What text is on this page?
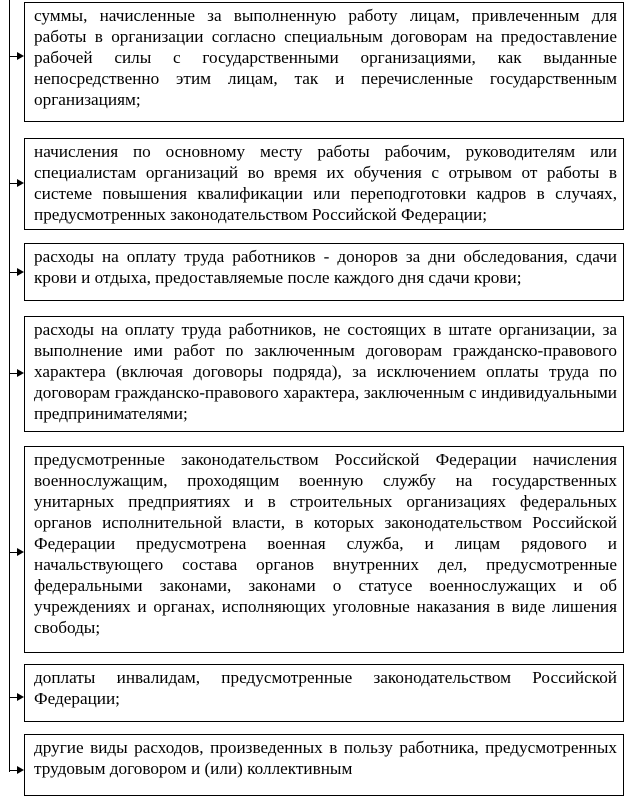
суммы, начисленные за выполненную работу лицам, привлеченным для работы в организации согласно специальным договорам на предоставление рабочей силы с государственными организациями, как выданные непосредственно этим лицам, так и перечисленные государственным организациям;
начисления по основному месту работы рабочим, руководителям или специалистам организаций во время их обучения с отрывом от работы в системе повышения квалификации или переподготовки кадров в случаях, предусмотренных законодательством Российской Федерации;
расходы на оплату труда работников - доноров за дни обследования, сдачи крови и отдыха, предоставляемые после каждого дня сдачи крови;
расходы на оплату труда работников, не состоящих в штате организации, за выполнение ими работ по заключенным договорам гражданско-правового характера (включая договоры подряда), за исключением оплаты труда по договорам гражданско-правового характера, заключенным с индивидуальными предпринимателями;
предусмотренные законодательством Российской Федерации начисления военнослужащим, проходящим военную службу на государственных унитарных предприятиях и в строительных организациях федеральных органов исполнительной власти, в которых законодательством Российской Федерации предусмотрена военная служба, и лицам рядового и начальствующего состава органов внутренних дел, предусмотренные федеральными законами, законами о статусе военнослужащих и об учреждениях и органах, исполняющих уголовные наказания в виде лишения свободы;
доплаты инвалидам, предусмотренные законодательством Российской Федерации;
другие виды расходов, произведенных в пользу работника, предусмотренных трудовым договором и (или) коллективным
